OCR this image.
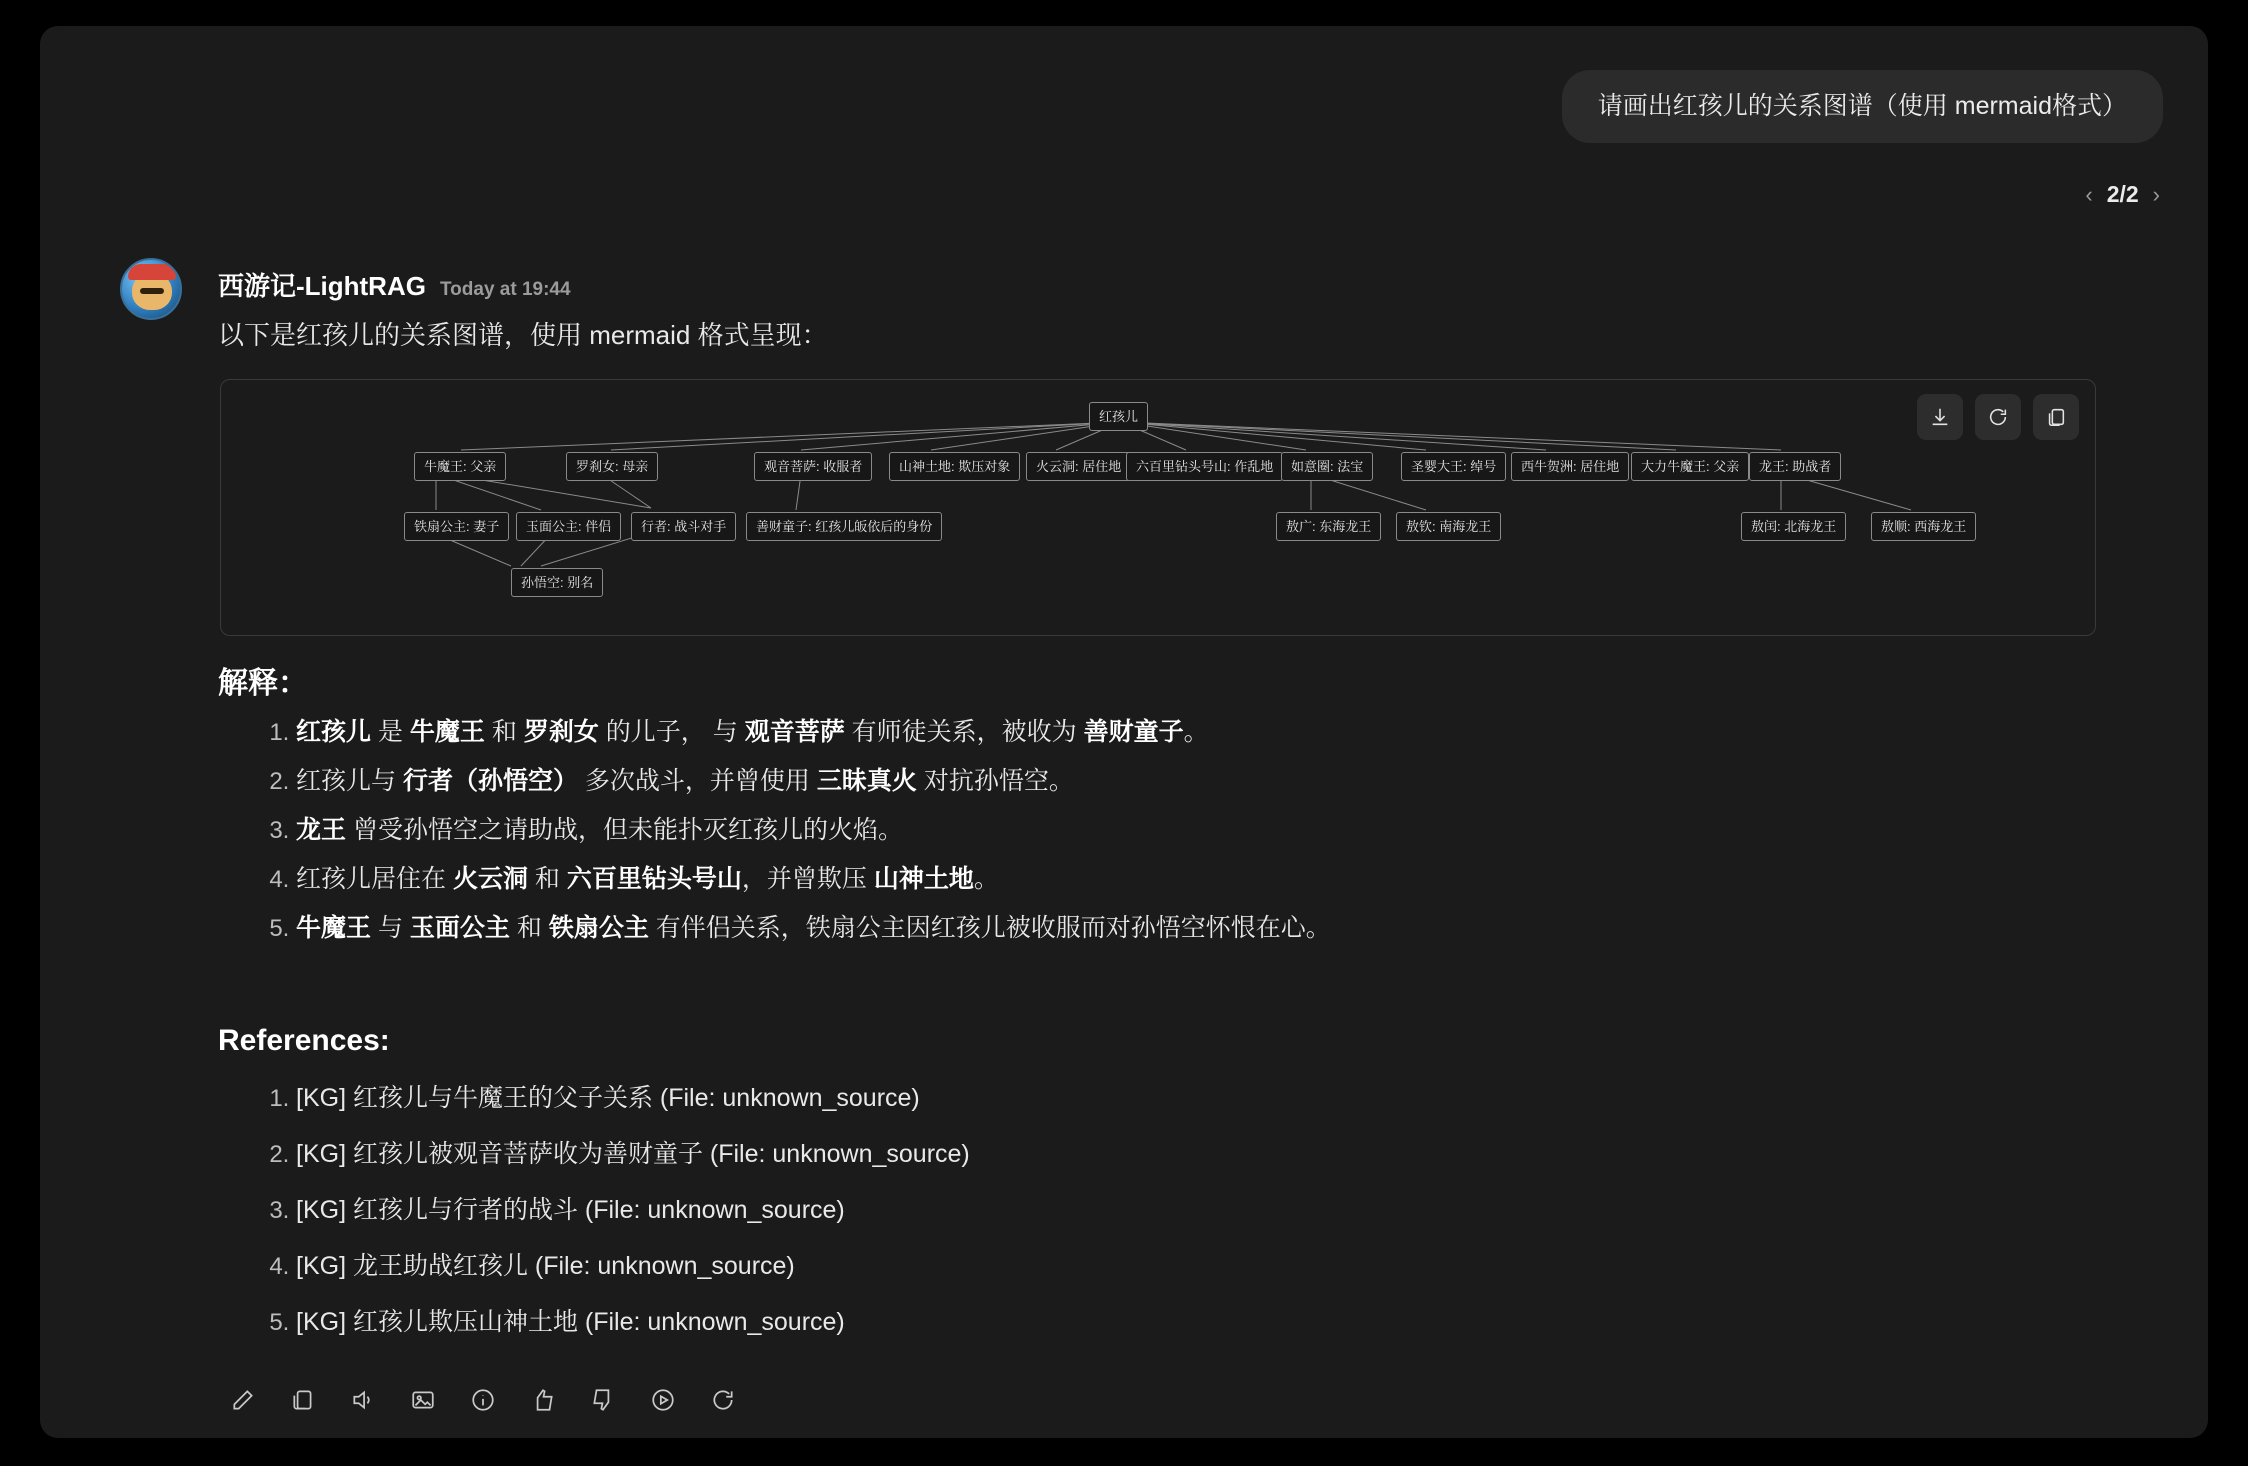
请画出红孩儿的关系图谱（使用 mermaid格式）
‹ 2/2 ›
西游记-LightRAG Today at 19:44
以下是红孩儿的关系图谱，使用 mermaid 格式呈现：
红孩儿
牛魔王: 父亲	罗刹女: 母亲	观音菩萨: 收服者	山神土地: 欺压对象	火云洞: 居住地	六百里钻头号山: 作乱地	如意圈: 法宝	圣婴大王: 绰号	西牛贺洲: 居住地	大力牛魔王: 父亲	龙王: 助战者
铁扇公主: 妻子	玉面公主: 伴侣	行者: 战斗对手	善财童子: 红孩儿皈依后的身份	敖广: 东海龙王	敖钦: 南海龙王	敖闰: 北海龙王	敖顺: 西海龙王
孙悟空: 别名
解释：
1. 红孩儿 是 牛魔王 和 罗刹女 的儿子， 与 观音菩萨 有师徒关系，被收为 善财童子。
2. 红孩儿与 行者（孙悟空） 多次战斗，并曾使用 三昧真火 对抗孙悟空。
3. 龙王 曾受孙悟空之请助战，但未能扑灭红孩儿的火焰。
4. 红孩儿居住在 火云洞 和 六百里钻头号山，并曾欺压 山神土地。
5. 牛魔王 与 玉面公主 和 铁扇公主 有伴侣关系，铁扇公主因红孩儿被收服而对孙悟空怀恨在心。
References:
1. [KG] 红孩儿与牛魔王的父子关系 (File: unknown_source)
2. [KG] 红孩儿被观音菩萨收为善财童子 (File: unknown_source)
3. [KG] 红孩儿与行者的战斗 (File: unknown_source)
4. [KG] 龙王助战红孩儿 (File: unknown_source)
5. [KG] 红孩儿欺压山神土地 (File: unknown_source)
